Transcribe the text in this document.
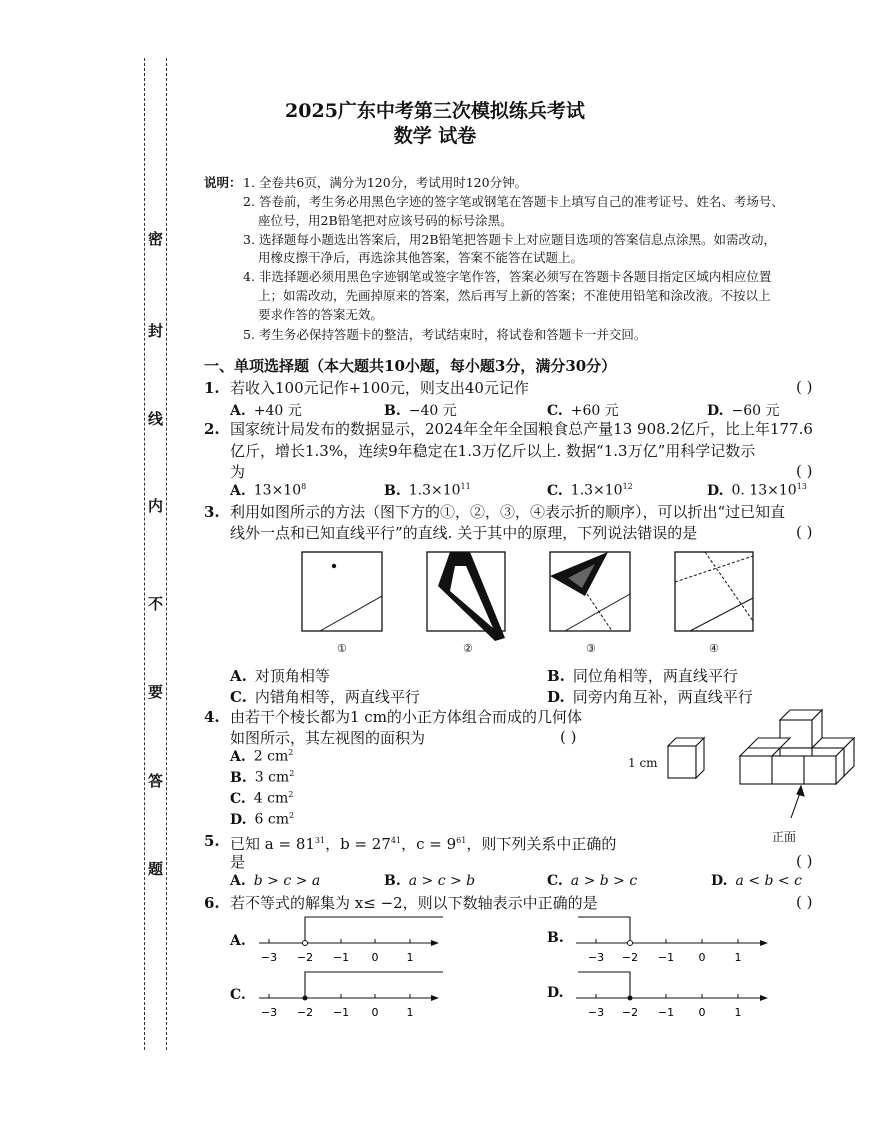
密
封
线
内
不
要
答
题
2025广东中考第三次模拟练兵考试
数学 试卷
说明： 1. 全卷共6页，满分为120分，考试用时120分钟。
2. 答卷前，考生务必用黑色字迹的签字笔或钢笔在答题卡上填写自己的准考证号、姓名、考场号、
座位号，用2B铅笔把对应该号码的标号涂黑。
3. 选择题每小题选出答案后，用2B铅笔把答题卡上对应题目选项的答案信息点涂黑。如需改动，
用橡皮擦干净后，再选涂其他答案，答案不能答在试题上。
4. 非选择题必须用黑色字迹钢笔或签字笔作答，答案必须写在答题卡各题目指定区域内相应位置
上；如需改动，先画掉原来的答案，然后再写上新的答案；不准使用铅笔和涂改液。不按以上
要求作答的答案无效。
5. 考生务必保持答题卡的整洁，考试结束时，将试卷和答题卡一并交回。
一、单项选择题（本大题共10小题，每小题3分，满分30分）
1. 若收入100元记作+100元，则支出40元记作	( )
A. +40 元	B. −40 元	C. +60 元	D. −60 元
2. 国家统计局发布的数据显示，2024年全年全国粮食总产量13 908.2亿斤，比上年177.6
亿斤，增长1.3%，连续9年稳定在1.3万亿斤以上. 数据“1.3万亿”用科学记数示
为	( )
A. $13\times 10^8$	B. $1.3\times 10^{11}$	C. $1.3\times 10^{12}$	D. 0. $13\times 10^{13}$
3. 利用如图所示的方法（图下方的①，②，③，④表示折的顺序），可以折出“过已知直
线外一点和已知直线平行”的直线. 关于其中的原理，下列说法错误的是	( )
①	②	③	④
A. 对顶角相等	B. 同位角相等，两直线平行
C. 内错角相等，两直线平行	D. 同旁内角互补，两直线平行
4. 由若干个棱长都为1 cm的小正方体组合而成的几何体
如图所示，其左视图的面积为	( )
A. 2 $cm^2$
B. 3 $cm^2$
C. 4 $cm^2$
D. 6 $cm^2$
1 cm
正面
5. 已知 $a = 81^{31}$，$b = 27^{41}$，$c = 9^{61}$，则下列关系中正确的
是	( )
A. b > c > a	B. a > c > b	C. a > b > c	D. a < b < c
6. 若不等式的解集为 x≤ −2，则以下数轴表示中正确的是	( )
A.	B.
C.	D.
−3 −2 −1 0	1	−3 −2 −1 0	1
−3 −2 −1 0	1	−3 −2 −1 0	1
